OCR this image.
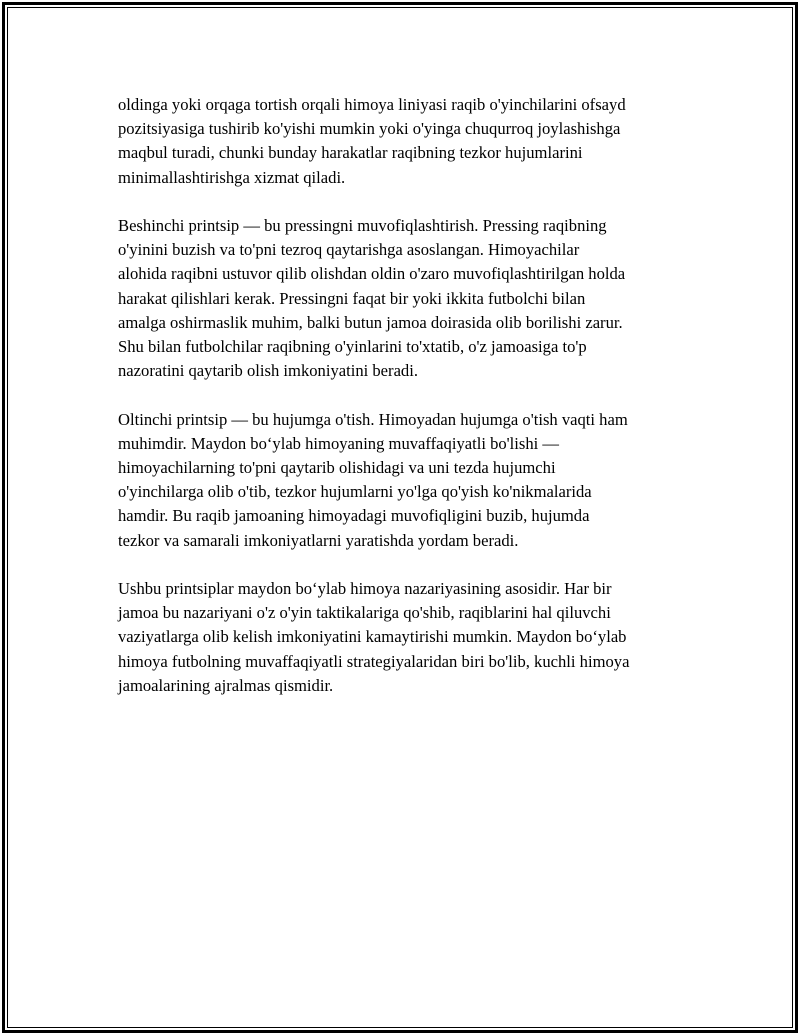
oldinga yoki orqaga tortish orqali himoya liniyasi raqib o'yinchilarini ofsayd
pozitsiyasiga tushirib ko'yishi mumkin yoki o'yinga chuqurroq joylashishga
maqbul turadi, chunki bunday harakatlar raqibning tezkor hujumlarini
minimallashtirishga xizmat qiladi.

Beshinchi printsip — bu pressingni muvofiqlashtirish. Pressing raqibning
o'yinini buzish va to'pni tezroq qaytarishga asoslangan. Himoyachilar
alohida raqibni ustuvor qilib olishdan oldin o'zaro muvofiqlashtirilgan holda
harakat qilishlari kerak. Pressingni faqat bir yoki ikkita futbolchi bilan
amalga oshirmaslik muhim, balki butun jamoa doirasida olib borilishi zarur.
Shu bilan futbolchilar raqibning o'yinlarini to'xtatib, o'z jamoasiga to'p
nazoratini qaytarib olish imkoniyatini beradi.

Oltinchi printsip — bu hujumga o'tish. Himoyadan hujumga o'tish vaqti ham
muhimdir. Maydon bo‘ylab himoyaning muvaffaqiyatli bo'lishi —
himoyachilarning to'pni qaytarib olishidagi va uni tezda hujumchi
o'yinchilarga olib o'tib, tezkor hujumlarni yo'lga qo'yish ko'nikmalarida
hamdir. Bu raqib jamoaning himoyadagi muvofiqligini buzib, hujumda
tezkor va samarali imkoniyatlarni yaratishda yordam beradi.

Ushbu printsiplar maydon bo‘ylab himoya nazariyasining asosidir. Har bir
jamoa bu nazariyani o'z o'yin taktikalariga qo'shib, raqiblarini hal qiluvchi
vaziyatlarga olib kelish imkoniyatini kamaytirishi mumkin. Maydon bo‘ylab
himoya futbolning muvaffaqiyatli strategiyalaridan biri bo'lib, kuchli himoya
jamoalarining ajralmas qismidir.
